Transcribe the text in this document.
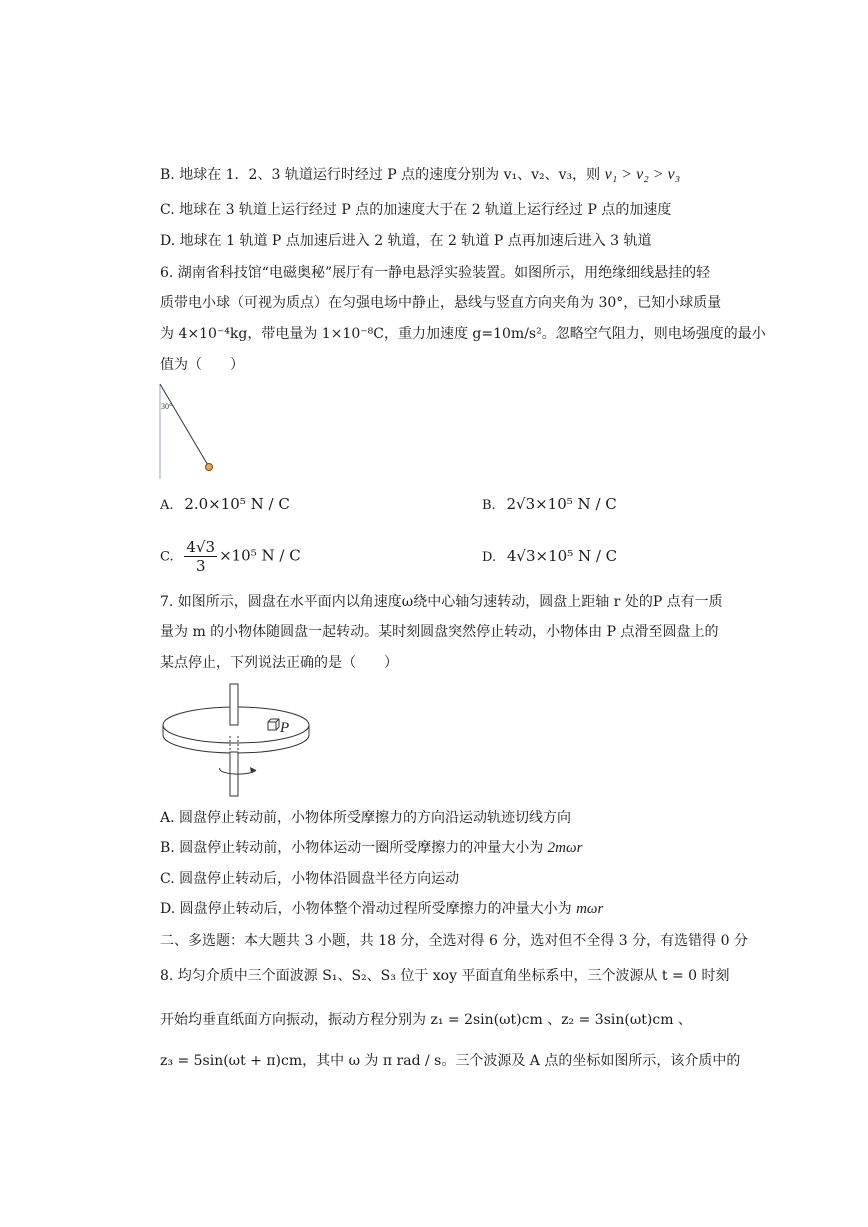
B. 地球在 1．2、3 轨道运行时经过 P 点的速度分别为 v₁、v₂、v₃，则 v₁ > v₂ > v₃
C. 地球在 3 轨道上运行经过 P 点的加速度大于在 2 轨道上运行经过 P 点的加速度
D. 地球在 1 轨道 P 点加速后进入 2 轨道，在 2 轨道 P 点再加速后进入 3 轨道
6. 湖南省科技馆“电磁奥秘”展厅有一静电悬浮实验装置。如图所示，用绝缘细线悬挂的轻
质带电小球（可视为质点）在匀强电场中静止，悬线与竖直方向夹角为 30°，已知小球质量
为 4×10⁻⁴kg，带电量为 1×10⁻⁸C，重力加速度 g=10m/s²。忽略空气阻力，则电场强度的最小
值为（　　）
30°
A. 2.0×10⁵ N / C	B. 2√3×10⁵ N / C
C. $\frac{4√3}{3} \times 10^5$ N / C	D. 4√3×10⁵ N / C
7. 如图所示，圆盘在水平面内以角速度ω绕中心轴匀速转动，圆盘上距轴 r 处的P 点有一质
量为 m 的小物体随圆盘一起转动。某时刻圆盘突然停止转动，小物体由 P 点滑至圆盘上的
某点停止，下列说法正确的是（　　）
P
A. 圆盘停止转动前，小物体所受摩擦力的方向沿运动轨迹切线方向
B. 圆盘停止转动前，小物体运动一圈所受摩擦力的冲量大小为 2mωr
C. 圆盘停止转动后，小物体沿圆盘半径方向运动
D. 圆盘停止转动后，小物体整个滑动过程所受摩擦力的冲量大小为 mωr
二、多选题：本大题共 3 小题，共 18 分，全选对得 6 分，选对但不全得 3 分，有选错得 0 分
8. 均匀介质中三个面波源 S₁、S₂、S₃ 位于 xoy 平面直角坐标系中，三个波源从 t = 0 时刻
开始均垂直纸面方向振动，振动方程分别为 z₁ = 2sin(ωt)cm 、z₂ = 3sin(ωt)cm 、
z₃ = 5sin(ωt + π)cm，其中 ω 为 π rad / s。三个波源及 A 点的坐标如图所示，该介质中的
